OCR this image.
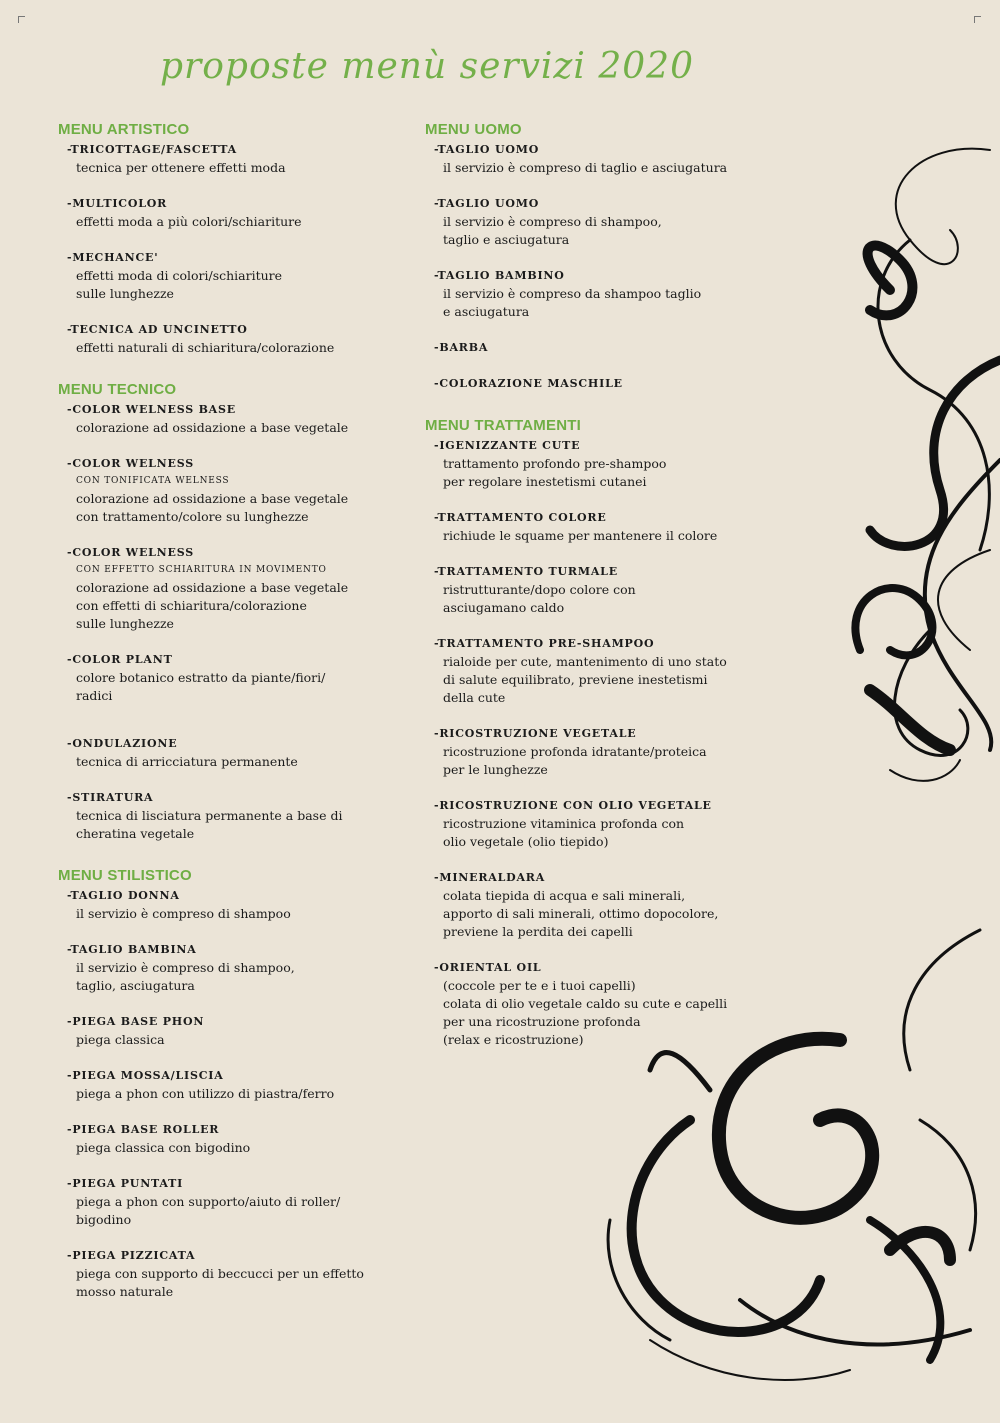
proposte menù servizi 2020
MENU ARTISTICO
-TRICOTTAGE/FASCETTA
tecnica per ottenere effetti moda
-MULTICOLOR
effetti moda a più colori/schiariture
-MECHANCE'
effetti moda di colori/schiariture
sulle lunghezze
-TECNICA AD UNCINETTO
effetti naturali di schiaritura/colorazione
MENU TECNICO
-COLOR WELNESS BASE
colorazione ad ossidazione a base vegetale
-COLOR WELNESS
CON TONIFICATA WELNESS
colorazione ad ossidazione a base vegetale
con trattamento/colore su lunghezze
-COLOR WELNESS
CON EFFETTO SCHIARITURA IN MOVIMENTO
colorazione ad ossidazione a base vegetale
con effetti di schiaritura/colorazione
sulle lunghezze
-COLOR PLANT
colore botanico estratto da piante/fiori/
radici
-ONDULAZIONE
tecnica di arricciatura permanente
-STIRATURA
tecnica di lisciatura permanente a base di
cheratina vegetale
MENU STILISTICO
-TAGLIO DONNA
il servizio è compreso di shampoo
-TAGLIO BAMBINA
il servizio è compreso di shampoo,
taglio, asciugatura
-PIEGA BASE PHON
piega classica
-PIEGA MOSSA/LISCIA
piega a phon con utilizzo di piastra/ferro
-PIEGA BASE ROLLER
piega classica con bigodino
-PIEGA PUNTATI
piega a phon con supporto/aiuto di roller/
bigodino
-PIEGA PIZZICATA
piega con supporto di beccucci per un effetto
mosso naturale
MENU UOMO
-TAGLIO UOMO
il servizio è compreso di taglio e asciugatura
-TAGLIO UOMO
il servizio è compreso di shampoo,
taglio e asciugatura
-TAGLIO BAMBINO
il servizio è compreso da shampoo taglio
e asciugatura
-BARBA
-COLORAZIONE MASCHILE
MENU TRATTAMENTI
-IGENIZZANTE CUTE
trattamento profondo pre-shampoo
per regolare inestetismi cutanei
-TRATTAMENTO COLORE
richiude le squame per mantenere il colore
-TRATTAMENTO TURMALE
ristrutturante/dopo colore con
asciugamano caldo
-TRATTAMENTO PRE-SHAMPOO
rialoide per cute, mantenimento di uno stato
di salute equilibrato, previene inestetismi
della cute
-RICOSTRUZIONE VEGETALE
ricostruzione profonda idratante/proteica
per le lunghezze
-RICOSTRUZIONE CON OLIO VEGETALE
ricostruzione vitaminica profonda con
olio vegetale (olio tiepido)
-MINERALDARA
colata tiepida di acqua e sali minerali,
apporto di sali minerali, ottimo dopocolore,
previene la perdita dei capelli
-ORIENTAL OIL
(coccole per te e i tuoi capelli)
colata di olio vegetale caldo su cute e capelli
per una ricostruzione profonda
(relax e ricostruzione)
